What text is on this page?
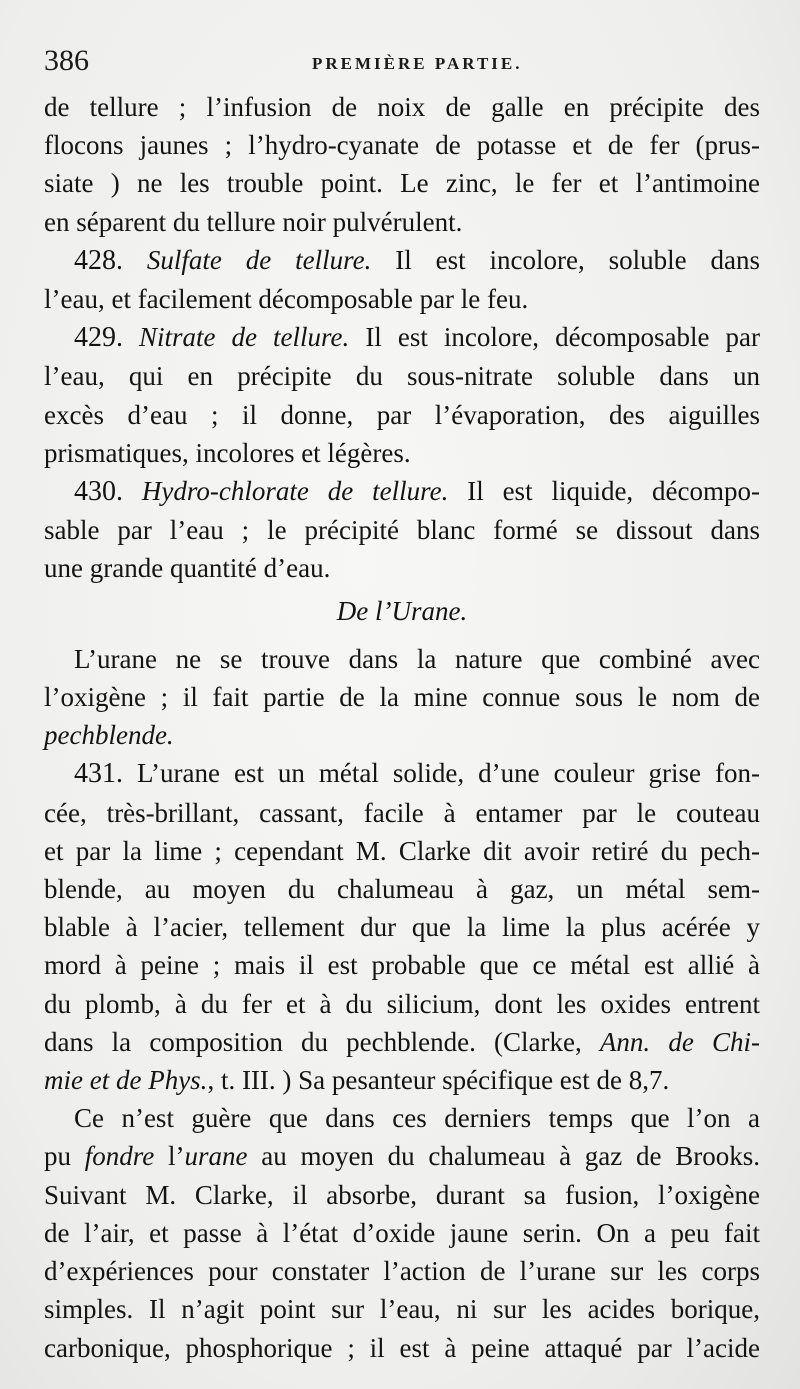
386	PREMIÈRE PARTIE.

de tellure ; l’infusion de noix de galle en précipite des
flocons jaunes ; l’hydro-cyanate de potasse et de fer (prus-
siate ) ne les trouble point. Le zinc, le fer et l’antimoine
en séparent du tellure noir pulvérulent.

428. Sulfate de tellure. Il est incolore, soluble dans
l’eau, et facilement décomposable par le feu.

429. Nitrate de tellure. Il est incolore, décomposable par
l’eau, qui en précipite du sous-nitrate soluble dans un
excès d’eau ; il donne, par l’évaporation, des aiguilles
prismatiques, incolores et légères.

430. Hydro-chlorate de tellure. Il est liquide, décompo-
sable par l’eau ; le précipité blanc formé se dissout dans
une grande quantité d’eau.

De l’Urane.

L’urane ne se trouve dans la nature que combiné avec
l’oxigène ; il fait partie de la mine connue sous le nom de
pechblende.

431. L’urane est un métal solide, d’une couleur grise fon-
cée, très-brillant, cassant, facile à entamer par le couteau
et par la lime ; cependant M. Clarke dit avoir retiré du pech-
blende, au moyen du chalumeau à gaz, un métal sem-
blable à l’acier, tellement dur que la lime la plus acérée y
mord à peine ; mais il est probable que ce métal est allié à
du plomb, à du fer et à du silicium, dont les oxides entrent
dans la composition du pechblende. (Clarke, Ann. de Chi-
mie et de Phys., t. III. ) Sa pesanteur spécifique est de 8,7.

Ce n’est guère que dans ces derniers temps que l’on a
pu fondre l’urane au moyen du chalumeau à gaz de Brooks.
Suivant M. Clarke, il absorbe, durant sa fusion, l’oxigène
de l’air, et passe à l’état d’oxide jaune serin. On a peu fait
d’expériences pour constater l’action de l’urane sur les corps
simples. Il n’agit point sur l’eau, ni sur les acides borique,
carbonique, phosphorique ; il est à peine attaqué par l’acide
